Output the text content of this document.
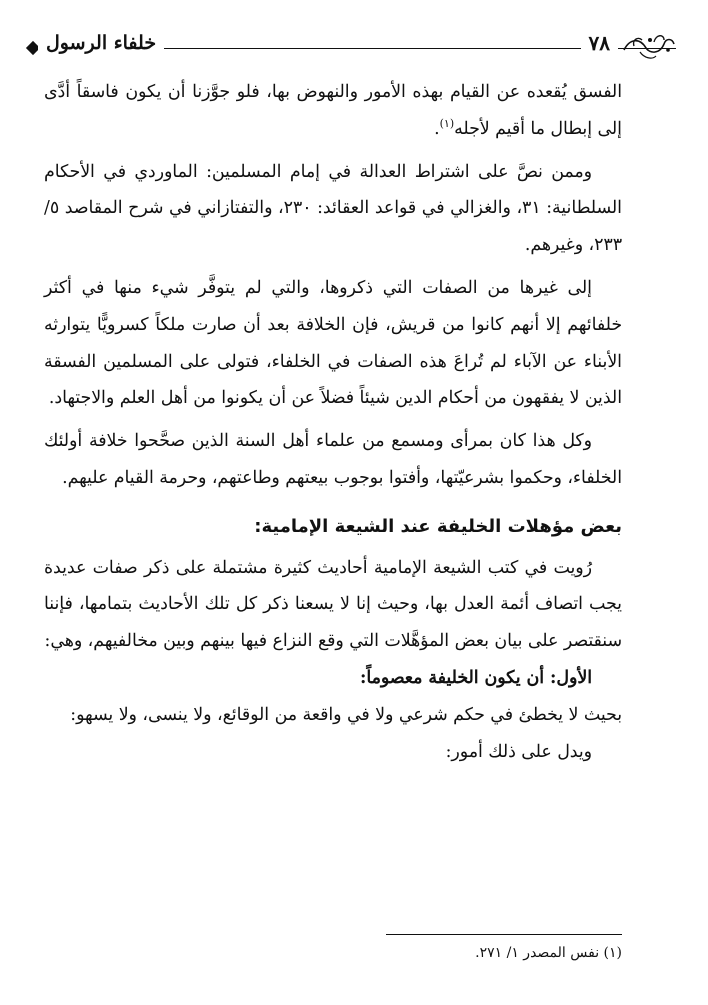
خلفاء الرسول	٧٨

الفسق يُقعده عن القيام بهذه الأمور والنهوض بها، فلو جوَّزنا أن يكون فاسقاً أدَّى إلى إبطال ما أقيم لأجله$^{(١)}$.

وممن نصَّ على اشتراط العدالة في إمام المسلمين: الماوردي في الأحكام السلطانية: ٣١، والغزالي في قواعد العقائد: ٢٣٠، والتفتازاني في شرح المقاصد ٥/ ٢٣٣، وغيرهم.

إلى غيرها من الصفات التي ذكروها، والتي لم يتوفَّر شيء منها في أكثر خلفائهم إلا أنهم كانوا من قريش، فإن الخلافة بعد أن صارت ملكاً كسرويًّا يتوارثه الأبناء عن الآباء لم تُراعَ هذه الصفات في الخلفاء، فتولى على المسلمين الفسقة الذين لا يفقهون من أحكام الدين شيئاً فضلاً عن أن يكونوا من أهل العلم والاجتهاد.

وكل هذا كان بمرأى ومسمع من علماء أهل السنة الذين صحَّحوا خلافة أولئك الخلفاء، وحكموا بشرعيّتها، وأفتوا بوجوب بيعتهم وطاعتهم، وحرمة القيام عليهم.

بعض مؤهلات الخليفة عند الشيعة الإمامية:

رُويت في كتب الشيعة الإمامية أحاديث كثيرة مشتملة على ذكر صفات عديدة يجب اتصاف أئمة العدل بها، وحيث إنا لا يسعنا ذكر كل تلك الأحاديث بتمامها، فإننا سنقتصر على بيان بعض المؤهَّلات التي وقع النزاع فيها بينهم وبين مخالفيهم، وهي:

الأول: أن يكون الخليفة معصوماً:

بحيث لا يخطئ في حكم شرعي ولا في واقعة من الوقائع، ولا ينسى، ولا يسهو:

ويدل على ذلك أمور:

(١) نفس المصدر ١/ ٢٧١.
